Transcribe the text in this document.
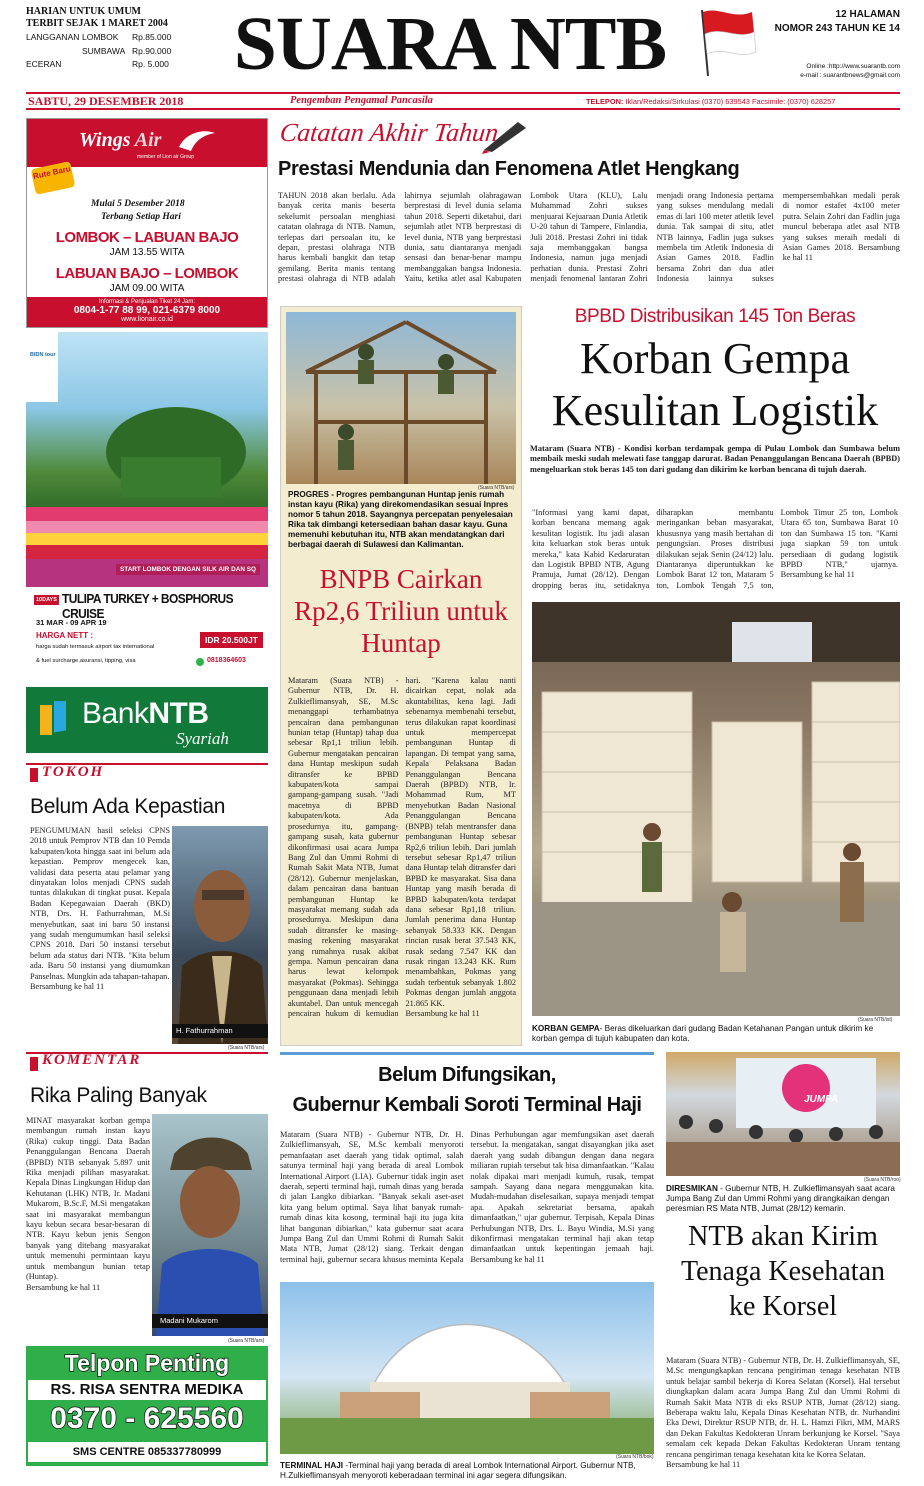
HARIAN UNTUK UMUM
TERBIT SEJAK 1 MARET 2004
LANGGANAN LOMBOK	Rp.85.000
SUMBAWA Rp.90.000
ECERAN	Rp. 5.000 SUARA NTB	12 HALAMAN
NOMOR 243 TAHUN KE 14
Online :http://www.suarantb.com
e-mail : suarantbnews@gmail.com
SABTU, 29 DESEMBER 2018	Pengemban Pengamal Pancasila	TELEPON: Iklan/Redaksi/Sirkulasi (0370) 639543 Facsimile: (0370) 628257
Wings Air
member of Lion air Group
Rute Baru
Mulai 5 Desember 2018
Terbang Setiap Hari
LOMBOK – LABUAN BAJO
JAM 13.55 WITA
LABUAN BAJO – LOMBOK
JAM 09.00 WITA
Informasi & Penjualan Tiket 24 Jam:
0804-1-77 88 99, 021-6379 8000
www.lionair.co.id
BIDN tour
START LOMBOK DENGAN SILK AIR DAN SQ
10DAYS TULIPA TURKEY + BOSPHORUS CRUISE
31 MAR - 09 APR 19
HARGA NETT :
harga sudah termasuk airport tax international
& fuel surcharge,asuransi, tipping, visa
IDR 20.500JT
0818364603
BankNTB
Syariah
TOKOH
Belum Ada Kepastian
PENGUMUMAN hasil seleksi CPNS 2018 untuk Pemprov NTB dan 10 Pemda kabupaten/kota hingga saat ini belum ada kepastian. Pemprov mengecek kan, validasi data peserta atau pelamar yang dinyatakan lolos menjadi CPNS sudah tuntas dilakukan di tingkat pusat. Kepala Badan Kepegawaian Daerah (BKD) NTB, Drs. H. Fathurrahman, M.Si menyebutkan, saat ini baru 50 instansi yang sudah mengumumkan hasil seleksi CPNS 2018. Dari 50 instansi tersebut belum ada status dari NTB. "Kita belum ada. Baru 50 instansi yang diumumkan Panselnas. Mungkin ada tahapan-tahapan.
Bersambung ke hal 11
H. Fathurrahman
(Suara NTB/ars)
KOMENTAR
Rika Paling Banyak
MINAT masyarakat korban gempa membangun rumah instan kayu (Rika) cukup tinggi. Data Badan Penanggulangan Bencana Daerah (BPBD) NTB sebanyak 5.897 unit Rika menjadi pilihan masyarakat. Kepala Dinas Lingkungan Hidup dan Kehutanan (LHK) NTB, Ir. Madani Mukarom, B.Sc.F, M.Si mengatakan saat ini masyarakat membangun kayu kebun secara besar-besaran di NTB. Kayu kebun jenis Sengon banyak yang ditebang masyarakat untuk memenuhi permintaan kayu untuk membangun hunian tetap (Huntap).
Bersambung ke hal 11
Madani Mukarom
(Suara NTB/ars)
Telpon Penting
RS. RISA SENTRA MEDIKA
0370 - 625560
SMS CENTRE 085337780999
Catatan Akhir Tahun
Prestasi Mendunia dan Fenomena Atlet Hengkang
TAHUN 2018 akan berlalu. Ada banyak cerita manis beserta sekelumit persoalan menghiasi catatan olahraga di NTB. Namun, terlepas dari persoalan itu, ke depan, prestasi olahraga NTB harus kembali bangkit dan tetap gemilang. Berita manis tentang prestasi olahraga di NTB adalah lahirnya sejumlah olahragawan berprestasi di level dunia selama tahun 2018. Seperti diketahui, dari sejumlah atlet NTB berprestasi di level dunia, NTB yang berprestasi dunia, satu diantaranya menjadi sensasi dan benar-benar mampu membanggakan bangsa Indonesia. Yaitu, ketika atlet asal Kabupaten Lombok Utara (KLU), Lalu Muhammad Zohri sukses menjuarai Kejuaraan Dunia Atletik U-20 tahun di Tampere, Finlandia, Juli 2018. Prestasi Zohri ini tidak saja membanggakan bangsa Indonesia, namun juga menjadi perhatian dunia. Prestasi Zohri menjadi fenomenal lantaran Zohri menjadi orang Indonesia pertama yang sukses mendulang medali emas di lari 100 meter atletik level dunia. Tak sampai di situ, atlet NTB lainnya, Fadlin juga sukses membela tim Atletik Indonesia di Asian Games 2018. Fadlin bersama Zohri dan dua atlet Indonesia lainnya sukses mempersembahkan medali perak di nomor estafet 4x100 meter putra. Selain Zohri dan Fadlin juga muncul beberapa atlet asal NTB yang sukses meraih medali di Asian Games 2018. Bersambung ke hal 11
(Suara NTB/ars)
PROGRES - Progres pembangunan Huntap jenis rumah instan kayu (Rika) yang direkomendasikan sesuai Inpres nomor 5 tahun 2018. Sayangnya percepatan penyelesaian Rika tak dimbangi ketersediaan bahan dasar kayu. Guna memenuhi kebutuhan itu, NTB akan mendatangkan dari berbagai daerah di Sulawesi dan Kalimantan.
BNPB Cairkan Rp2,6 Triliun untuk Huntap
Mataram (Suara NTB) - Gubernur NTB, Dr. H. Zulkieflimansyah, SE, M.Sc menanggapi terhambatnya pencairan dana pembangunan hunian tetap (Huntap) tahap dua sebesar Rp1,1 triliun lebih. Gubernur mengatakan pencairan dana Huntap meskipun sudah ditransfer ke BPBD kabupaten/kota sampai gampang-gampang susah. "Jadi macetnya di BPBD kabupaten/kota. Ada prosedurnya itu, gampang-gampang susah, kata gubernur dikonfirmasi usai acara Jumpa Bang Zul dan Ummi Rohmi di Rumah Sakit Mata NTB, Jumat (28/12). Gubernur menjelaskan, dalam pencairan dana bantuan pembangunan Huntap ke masyarakat memang sudah ada prosedurnya. Meskipun dana sudah ditransfer ke masing-masing rekening masyarakat yang rumahnya rusak akibat gempa. Namun pencairan dana harus lewat kelompok masyarakat (Pokmas). Sehingga penggunaan dana menjadi lebih akuntabel. Dan untuk mencegah pencairan hukum di kemudian hari. "Karena kalau nanti dicairkan cepat, nolak ada akuntabilitas, kena lagi. Jadi sebenarnya membenahi tersebut, terus dilakukan rapat koordinasi untuk mempercepat pembangunan Huntap di lapangan. Di tempat yang sama, Kepala Pelaksana Badan Penanggulangan Bencana Daerah (BPBD) NTB, Ir. Mohammad Rum, MT menyebutkan Badan Nasional Penanggulangan Bencana (BNPB) telah mentransfer dana pembangunan Huntap sebesar Rp2,6 triliun lebih. Dari jumlah tersebut sebesar Rp1,47 triliun dana Huntap telah ditransfer dari BPBD ke masyarakat. Sisa dana Huntap yang masih berada di BPBD kabupaten/kota terdapat dana sebesar Rp1,18 triliun. Jumlah penerima dana Huntap sebanyak 58.333 KK. Dengan rincian rusak berat 37.543 KK, rusak sedang 7.547 KK dan rusak ringan 13.243 KK. Rum menambahkan, Pokmas yang sudah terbentuk sebanyak 1.802 Pokmas dengan jumlah anggota 21.865 KK.
Bersambung ke hal 11
BPBD Distribusikan 145 Ton Beras
Korban Gempa
Kesulitan Logistik
Mataram (Suara NTB) - Kondisi korban terdampak gempa di Pulau Lombok dan Sumbawa belum membaik meski sudah melewati fase tanggap darurat. Badan Penanggulangan Bencana Daerah (BPBD) mengeluarkan stok beras 145 ton dari gudang dan dikirim ke korban bencana di tujuh daerah.
"Informasi yang kami dapat, korban bencana memang agak kesulitan logistik. Itu jadi alasan kita keluarkan stok beras untuk mereka," kata Kabid Kedaruratan dan Logistik BPBD NTB, Agung Pramuja, Jumat (28/12). Dengan dropping beras itu, setidaknya diharapkan membantu meringankan beban masyarakat, khususnya yang masih bertahan di pengungsian. Proses distribusi dilakukan sejak Senin (24/12) lalu. Diantaranya diperuntukkan ke Lombok Barat 12 ton, Mataram 5 ton, Lombok Tengah 7,5 ton, Lombok Timur 25 ton, Lombok Utara 65 ton, Sumbawa Barat 10 ton dan Sumbawa 15 ton. "Kami juga siapkan 59 ton untuk persediaan di gudang logistik BPBD NTB," ujarnya. Bersambung ke hal 11
(Suara NTB/ist)
KORBAN GEMPA- Beras dikeluarkan dari gudang Badan Ketahanan Pangan untuk dikirim ke korban gempa di tujuh kabupaten dan kota.
Belum Difungsikan,
Gubernur Kembali Soroti Terminal Haji
Mataram (Suara NTB) - Gubernur NTB, Dr. H. Zulkieflimansyah, SE, M.Sc kembali menyoroti pemanfaatan aset daerah yang tidak optimal, salah satunya terminal haji yang berada di areal Lombok International Airport (LIA). Gubernur tidak ingin aset daerah, seperti terminal haji, rumah dinas yang berada di jalan Langko dibiarkan. "Banyak sekali aset-aset kita yang belum optimal. Saya lihat banyak rumah-rumah dinas kita kosong, terminal haji itu juga kita lihat bangunan dibiarkan," kata gubernur saat acara Jumpa Bang Zul dan Ummi Rohmi di Rumah Sakit Mata NTB, Jumat (28/12) siang. Terkait dengan terminal haji, gubernur secara khusus meminta Kepala Dinas Perhubungan agar memfungsikan aset daerah tersebut. Ia mengatakan, sangat disayangkan jika aset daerah yang sudah dibangun dengan dana negara miliaran rupiah tersebut tak bisa dimanfaatkan. "Kalau nolak dipakai mari menjadi kumuh, rusak, tempat sampah. Sayang dana negara menggunakan kita. Mudah-mudahan diselesaikan, supaya menjadi tempat apa. Apakah sekretariat bersama, apakah dimanfaatkan," ujar gubernur. Terpisah, Kepala Dinas Perhubungan NTB, Drs. L. Bayu Windia, M.Si yang dikonfirmasi mengatakan terminal haji akan tetap dimanfaatkan untuk kepentingan jemaah haji. Bersambung ke hal 11
(Suara NTB/bok)
TERMINAL HAJI -Terminal haji yang berada di areal Lombok International Airport. Gubernur NTB, H.Zulkieflimansyah menyoroti keberadaan terminal ini agar segera difungsikan.
JUMPA
(Suara NTB/roo)
DIRESMIKAN - Gubernur NTB, H. Zulkieflimansyah saat acara Jumpa Bang Zul dan Ummi Rohmi yang dirangkaikan dengan peresmian RS Mata NTB, Jumat (28/12) kemarin.
NTB akan Kirim Tenaga Kesehatan ke Korsel
Mataram (Suara NTB) - Gubernur NTB, Dr. H. Zulkieflimansyah, SE, M.Sc mengungkapkan rencana pengiriman tenaga kesehatan NTB untuk belajar sambil bekerja di Korea Selatan (Korsel). Hal tersebut diungkapkan dalam acara Jumpa Bang Zul dan Ummi Rohmi di Rumah Sakit Mata NTB di eks RSUP NTB, Jumat (28/12) siang. Beberapa waktu lalu, Kepala Dinas Kesehatan NTB, dr. Nurhandini Eka Dewi, Direktur RSUP NTB, dr. H. L. Hamzi Fikri, MM, MARS dan Dekan Fakultas Kedokteran Unram berkunjung ke Korsel. "Saya semalam cek kepada Dekan Fakultas Kedokteran Unram tentang rencana pengiriman tenaga kesehatan kita ke Korea Selatan.
Bersambung ke hal 11
